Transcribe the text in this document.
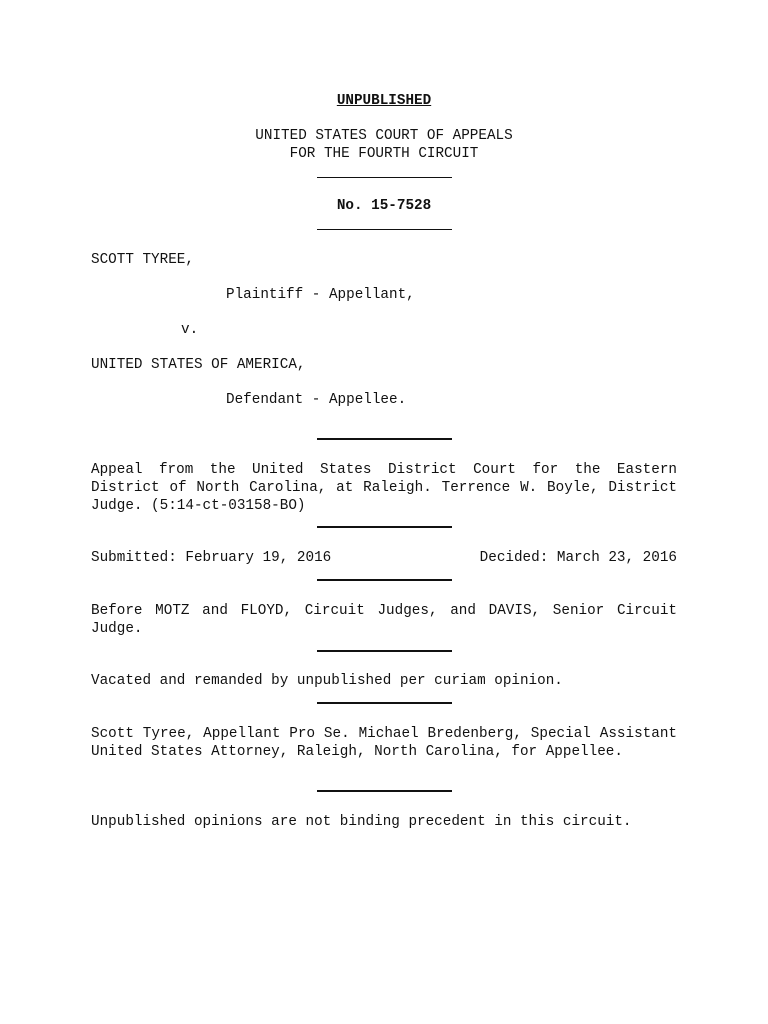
UNPUBLISHED
UNITED STATES COURT OF APPEALS
FOR THE FOURTH CIRCUIT
No. 15-7528
SCOTT TYREE,
Plaintiff - Appellant,
v.
UNITED STATES OF AMERICA,
Defendant - Appellee.
Appeal from the United States District Court for the Eastern District of North Carolina, at Raleigh. Terrence W. Boyle, District Judge. (5:14-ct-03158-BO)
Submitted: February 19, 2016	Decided: March 23, 2016
Before MOTZ and FLOYD, Circuit Judges, and DAVIS, Senior Circuit Judge.
Vacated and remanded by unpublished per curiam opinion.
Scott Tyree, Appellant Pro Se. Michael Bredenberg, Special Assistant United States Attorney, Raleigh, North Carolina, for Appellee.
Unpublished opinions are not binding precedent in this circuit.
